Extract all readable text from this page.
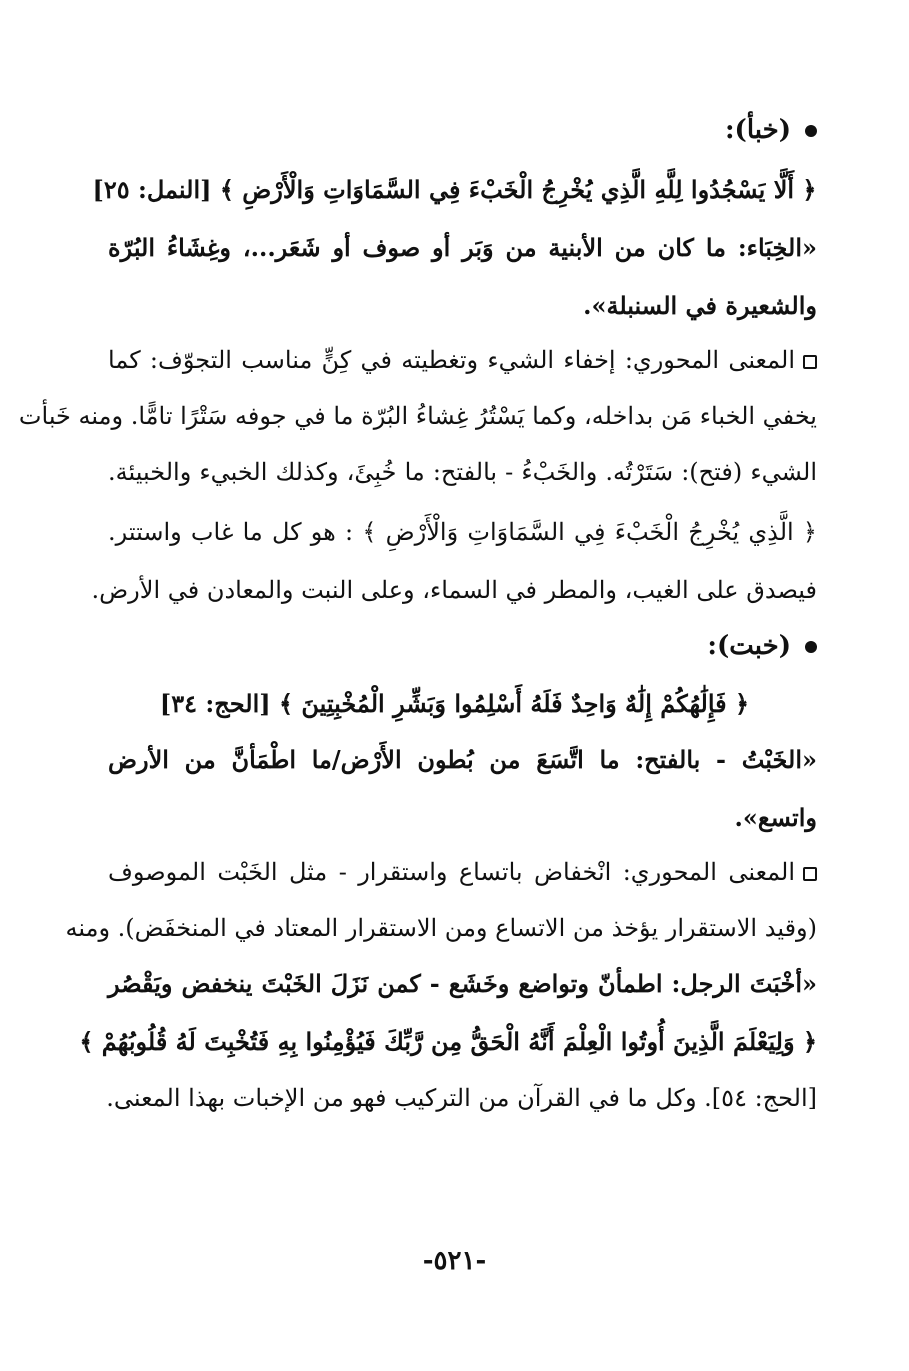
(خبأ):
﴿ أَلَّا يَسْجُدُوا لِلَّهِ الَّذِي يُخْرِجُ الْخَبْءَ فِي السَّمَاوَاتِ وَالْأَرْضِ ﴾ [النمل: ٢٥]
«الخِبَاء: ما كان من الأبنية من وَبَر أو صوف أو شَعَر...، وغِشَاءُ البُرّة
والشعيرة في السنبلة».
المعنى المحوري: إخفاء الشيء وتغطيته في كِنٍّ مناسب التجوّف: كما
يخفي الخباء مَن بداخله، وكما يَسْتُرُ غِشاءُ البُرّة ما في جوفه سَتْرًا تامًّا. ومنه خَبأت
الشيء (فتح): سَتَرْتُه. والخَبْءُ - بالفتح: ما خُبِئَ، وكذلك الخبيء والخبيئة.
﴿ الَّذِي يُخْرِجُ الْخَبْءَ فِي السَّمَاوَاتِ وَالْأَرْضِ ﴾ : هو كل ما غاب واستتر.
فيصدق على الغيب، والمطر في السماء، وعلى النبت والمعادن في الأرض.
(خبت):
﴿ فَإِلَٰهُكُمْ إِلَٰهٌ وَاحِدٌ فَلَهُ أَسْلِمُوا وَبَشِّرِ الْمُخْبِتِينَ ﴾ [الحج: ٣٤]
«الخَبْتُ - بالفتح: ما اتَّسَعَ من بُطون الأَرْض/ما اطْمَأنَّ من الأرض
واتسع».
المعنى المحوري: انْخفاض باتساع واستقرار - مثل الخَبْت الموصوف
(وقيد الاستقرار يؤخذ من الاتساع ومن الاستقرار المعتاد في المنخفَض). ومنه
«أخْبَتَ الرجل: اطمأنّ وتواضع وخَشَع - كمن نَزَلَ الخَبْتَ ينخفض ويَقْصُر
﴿ وَلِيَعْلَمَ الَّذِينَ أُوتُوا الْعِلْمَ أَنَّهُ الْحَقُّ مِن رَّبِّكَ فَيُؤْمِنُوا بِهِ فَتُخْبِتَ لَهُ قُلُوبُهُمْ ﴾
[الحج: ٥٤]. وكل ما في القرآن من التركيب فهو من الإخبات بهذا المعنى.
-٥٢١-
